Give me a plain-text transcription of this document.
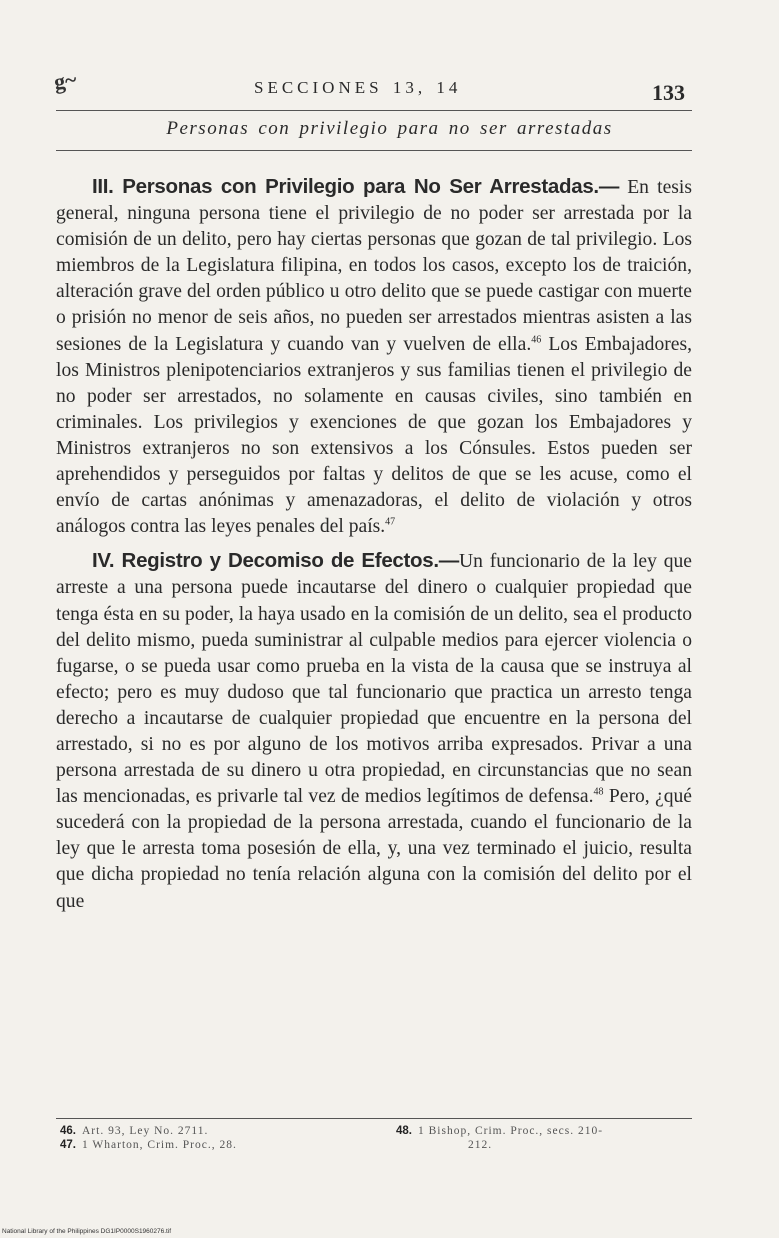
g~	SECCIONES 13, 14	133
Personas con privilegio para no ser arrestadas

III. Personas con Privilegio para No Ser Arrestadas.— En tesis general, ninguna persona tiene el privilegio de no poder ser arrestada por la comisión de un delito, pero hay ciertas personas que gozan de tal privilegio. Los miembros de la Legislatura filipina, en todos los casos, excepto los de traición, alteración grave del orden público u otro delito que se puede castigar con muerte o prisión no menor de seis años, no pueden ser arrestados mientras asisten a las sesiones de la Legislatura y cuando van y vuelven de ella.$^{46}$ Los Embajadores, los Ministros plenipotenciarios extranjeros y sus familias tienen el privilegio de no poder ser arrestados, no solamente en causas civiles, sino también en criminales. Los privilegios y exenciones de que gozan los Embajadores y Ministros extranjeros no son extensivos a los Cónsules. Estos pueden ser aprehendidos y perseguidos por faltas y delitos de que se les acuse, como el envío de cartas anónimas y amenazadoras, el delito de violación y otros análogos contra las leyes penales del país.$^{47}$

IV. Registro y Decomiso de Efectos.—Un funcionario de la ley que arreste a una persona puede incautarse del dinero o cualquier propiedad que tenga ésta en su poder, la haya usado en la comisión de un delito, sea el producto del delito mismo, pueda suministrar al culpable medios para ejercer violencia o fugarse, o se pueda usar como prueba en la vista de la causa que se instruya al efecto; pero es muy dudoso que tal funcionario que practica un arresto tenga derecho a incautarse de cualquier propiedad que encuentre en la persona del arrestado, si no es por alguno de los motivos arriba expresados. Privar a una persona arrestada de su dinero u otra propiedad, en circunstancias que no sean las mencionadas, es privarle tal vez de medios legítimos de defensa.$^{48}$ Pero, ¿qué sucederá con la propiedad de la persona arrestada, cuando el funcionario de la ley que le arresta toma posesión de ella, y, una vez terminado el juicio, resulta que dicha propiedad no tenía relación alguna con la comisión del delito por el que

46. Art. 93, Ley No. 2711.
47. 1 Wharton, Crim. Proc., 28.
48. 1 Bishop, Crim. Proc., secs. 210-
212.
National Library of the Philippines DG1IP0000S1960276.tif
